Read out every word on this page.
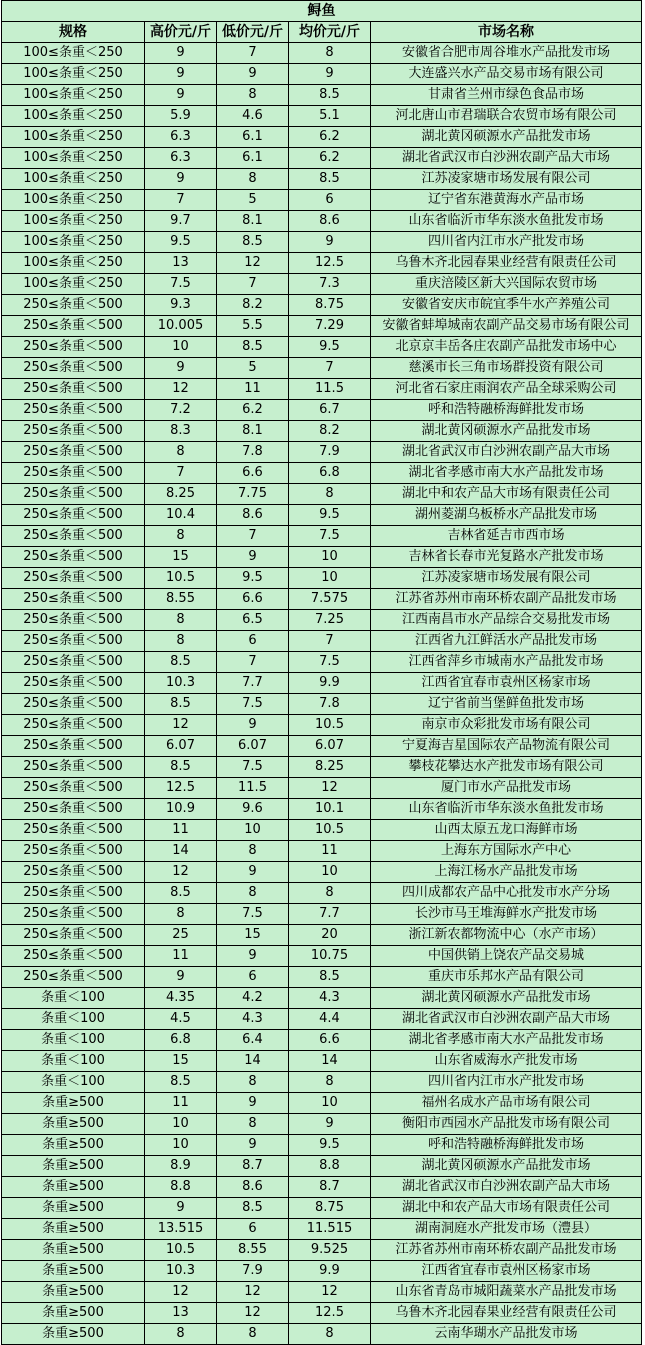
鲟鱼				
规格	高价元/斤	低价元/斤	均价元/斤	市场名称
100≤条重＜250	9	7	8	安徽省合肥市周谷堆水产品批发市场
100≤条重＜250	9	9	9	大连盛兴水产品交易市场有限公司
100≤条重＜250	9	8	8.5	甘肃省兰州市绿色食品市场
100≤条重＜250	5.9	4.6	5.1	河北唐山市君瑞联合农贸市场有限公司
100≤条重＜250	6.3	6.1	6.2	湖北黄冈硕源水产品批发市场
100≤条重＜250	6.3	6.1	6.2	湖北省武汉市白沙洲农副产品大市场
100≤条重＜250	9	8	8.5	江苏凌家塘市场发展有限公司
100≤条重＜250	7	5	6	辽宁省东港黄海水产品市场
100≤条重＜250	9.7	8.1	8.6	山东省临沂市华东淡水鱼批发市场
100≤条重＜250	9.5	8.5	9	四川省内江市水产批发市场
100≤条重＜250	13	12	12.5	乌鲁木齐北园春果业经营有限责任公司
100≤条重＜250	7.5	7	7.3	重庆涪陵区新大兴国际农贸市场
250≤条重＜500	9.3	8.2	8.75	安徽省安庆市皖宜季牛水产养殖公司
250≤条重＜500	10.005	5.5	7.29	安徽省蚌埠城南农副产品交易市场有限公司
250≤条重＜500	10	8.5	9.5	北京京丰岳各庄农副产品批发市场中心
250≤条重＜500	9	5	7	慈溪市长三角市场群投资有限公司
250≤条重＜500	12	11	11.5	河北省石家庄雨润农产品全球采购公司
250≤条重＜500	7.2	6.2	6.7	呼和浩特融桥海鲜批发市场
250≤条重＜500	8.3	8.1	8.2	湖北黄冈硕源水产品批发市场
250≤条重＜500	8	7.8	7.9	湖北省武汉市白沙洲农副产品大市场
250≤条重＜500	7	6.6	6.8	湖北省孝感市南大水产品批发市场
250≤条重＜500	8.25	7.75	8	湖北中和农产品大市场有限责任公司
250≤条重＜500	10.4	8.6	9.5	湖州菱湖乌板桥水产品批发市场
250≤条重＜500	8	7	7.5	吉林省延吉市西市场
250≤条重＜500	15	9	10	吉林省长春市光复路水产批发市场
250≤条重＜500	10.5	9.5	10	江苏凌家塘市场发展有限公司
250≤条重＜500	8.55	6.6	7.575	江苏省苏州市南环桥农副产品批发市场
250≤条重＜500	8	6.5	7.25	江西南昌市水产品综合交易批发市场
250≤条重＜500	8	6	7	江西省九江鲜活水产品批发市场
250≤条重＜500	8.5	7	7.5	江西省萍乡市城南水产品批发市场
250≤条重＜500	10.3	7.7	9.9	江西省宜春市袁州区杨家市场
250≤条重＜500	8.5	7.5	7.8	辽宁省前当堡鲜鱼批发市场
250≤条重＜500	12	9	10.5	南京市众彩批发市场有限公司
250≤条重＜500	6.07	6.07	6.07	宁夏海吉星国际农产品物流有限公司
250≤条重＜500	8.5	7.5	8.25	攀枝花攀达水产批发市场有限公司
250≤条重＜500	12.5	11.5	12	厦门市水产品批发市场
250≤条重＜500	10.9	9.6	10.1	山东省临沂市华东淡水鱼批发市场
250≤条重＜500	11	10	10.5	山西太原五龙口海鲜市场
250≤条重＜500	14	8	11	上海东方国际水产中心
250≤条重＜500	12	9	10	上海江杨水产品批发市场
250≤条重＜500	8.5	8	8	四川成都农产品中心批发市水产分场
250≤条重＜500	8	7.5	7.7	长沙市马王堆海鲜水产批发市场
250≤条重＜500	25	15	20	浙江新农都物流中心（水产市场）
250≤条重＜500	11	9	10.75	中国供销上饶农产品交易城
250≤条重＜500	9	6	8.5	重庆市乐邦水产品有限公司
条重＜100	4.35	4.2	4.3	湖北黄冈硕源水产品批发市场
条重＜100	4.5	4.3	4.4	湖北省武汉市白沙洲农副产品大市场
条重＜100	6.8	6.4	6.6	湖北省孝感市南大水产品批发市场
条重＜100	15	14	14	山东省威海水产批发市场
条重＜100	8.5	8	8	四川省内江市水产批发市场
条重≥500	11	9	10	福州名成水产品市场有限公司
条重≥500	10	8	9	衡阳市西园水产品批发市场有限公司
条重≥500	10	9	9.5	呼和浩特融桥海鲜批发市场
条重≥500	8.9	8.7	8.8	湖北黄冈硕源水产品批发市场
条重≥500	8.8	8.6	8.7	湖北省武汉市白沙洲农副产品大市场
条重≥500	9	8.5	8.75	湖北中和农产品大市场有限责任公司
条重≥500	13.515	6	11.515	湖南洞庭水产批发市场（澧县）
条重≥500	10.5	8.55	9.525	江苏省苏州市南环桥农副产品批发市场
条重≥500	10.3	7.9	9.9	江西省宜春市袁州区杨家市场
条重≥500	12	12	12	山东省青岛市城阳蔬菜水产品批发市场
条重≥500	13	12	12.5	乌鲁木齐北园春果业经营有限责任公司
条重≥500	8	8	8	云南华瑚水产品批发市场
